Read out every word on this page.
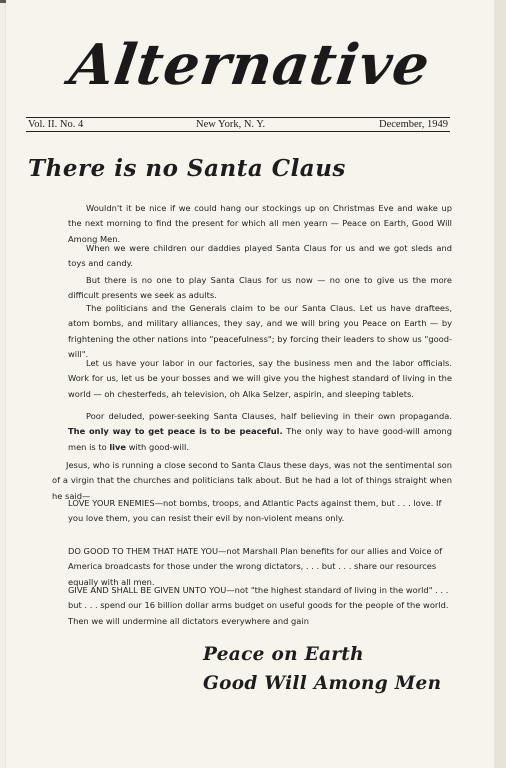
Alternative
Vol. II. No. 4	New York, N. Y.	December, 1949
There is no Santa Claus

Wouldn't it be nice if we could hang our stockings up on Christmas Eve and wake up the next morning to find the present for which all men yearn — Peace on Earth, Good Will Among Men.

When we were children our daddies played Santa Claus for us and we got sleds and toys and candy.

But there is no one to play Santa Claus for us now — no one to give us the more difficult presents we seek as adults.

The politicians and the Generals claim to be our Santa Claus. Let us have draftees, atom bombs, and military alliances, they say, and we will bring you Peace on Earth — by frightening the other nations into "peacefulness"; by forcing their leaders to show us "good-will".

Let us have your labor in our factories, say the business men and the labor officials. Work for us, let us be your bosses and we will give you the highest standard of living in the world — oh chesterfeds, ah television, oh Alka Selzer, aspirin, and sleeping tablets.

Poor deluded, power-seeking Santa Clauses, half believing in their own propaganda. The only way to get peace is to be peaceful. The only way to have good-will among men is to live with good-will.

Jesus, who is running a close second to Santa Claus these days, was not the sentimental son of a virgin that the churches and politicians talk about. But he had a lot of things straight when he said—

LOVE YOUR ENEMIES—not bombs, troops, and Atlantic Pacts against them, but . . . love. If you love them, you can resist their evil by non-violent means only.

DO GOOD TO THEM THAT HATE YOU—not Marshall Plan benefits for our allies and Voice of America broadcasts for those under the wrong dictators, . . . but . . . share our resources equally with all men.

GIVE AND SHALL BE GIVEN UNTO YOU—not "the highest standard of living in the world" . . . but . . . spend our 16 billion dollar arms budget on useful goods for the people of the world. Then we will undermine all dictators everywhere and gain

Peace on Earth
Good Will Among Men
